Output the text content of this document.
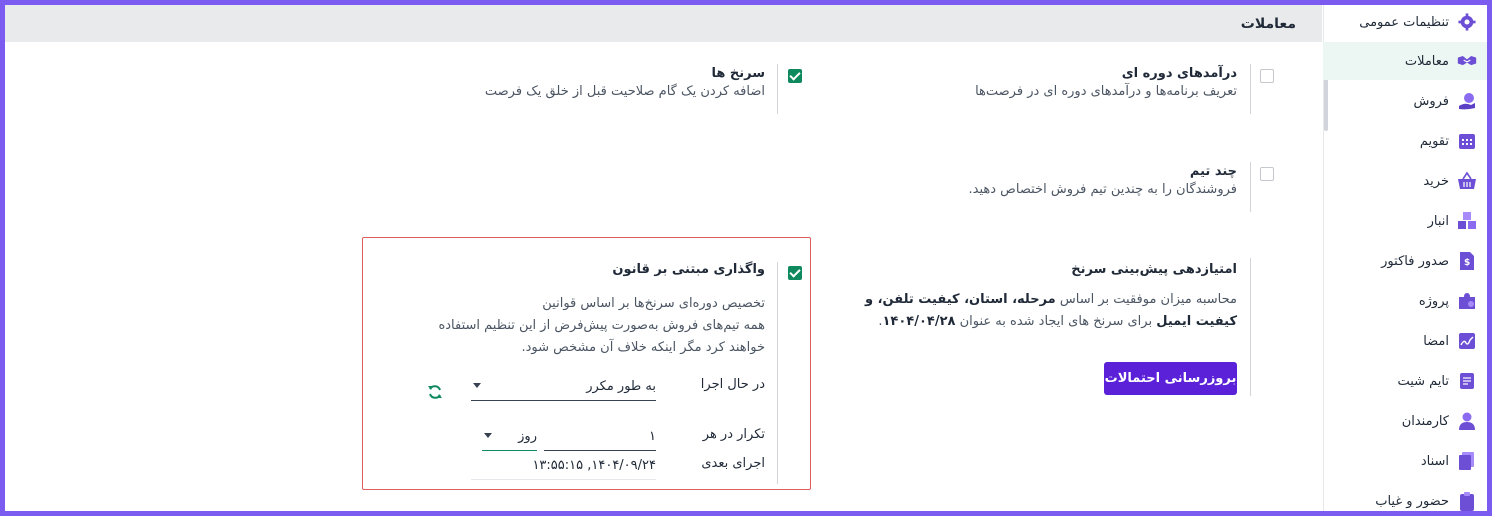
معاملات	تنظیمات عمومی
معاملات
فروش
تقویم
خرید
انبار
$
صدور فاکتور
پروژه
امضا
تایم شیت
کارمندان
اسناد
حضور و غیاب
درآمدهای دوره ای
تعریف برنامه‌ها و درآمدهای دوره ای در فرصت‌ها
سرنخ ها
اضافه کردن یک گام صلاحیت قبل از خلق یک فرصت
چند تیم
فروشندگان را به چندین تیم فروش اختصاص دهید.
امتیازدهی پیش‌بینی سرنخ
محاسبه میزان موفقیت بر اساس مرحله، استان، کیفیت تلفن، و کیفیت ایمیل برای سرنخ های ایجاد شده به عنوان ۱۴۰۴/۰۴/۲۸.
بروزرسانی احتمالات
واگذاری مبتنی بر قانون
تخصیص دوره‌ای سرنخ‌ها بر اساس قوانین
همه تیم‌های فروش به‌صورت پیش‌فرض از این تنظیم استفاده
خواهند کرد مگر اینکه خلاف آن مشخص شود.
در حال اجرا
به طور مکرر
تکرار در هر
۱
روز
اجرای بعدی
۱۴۰۴/۰۹/۲۴, ۱۳:۵۵:۱۵
